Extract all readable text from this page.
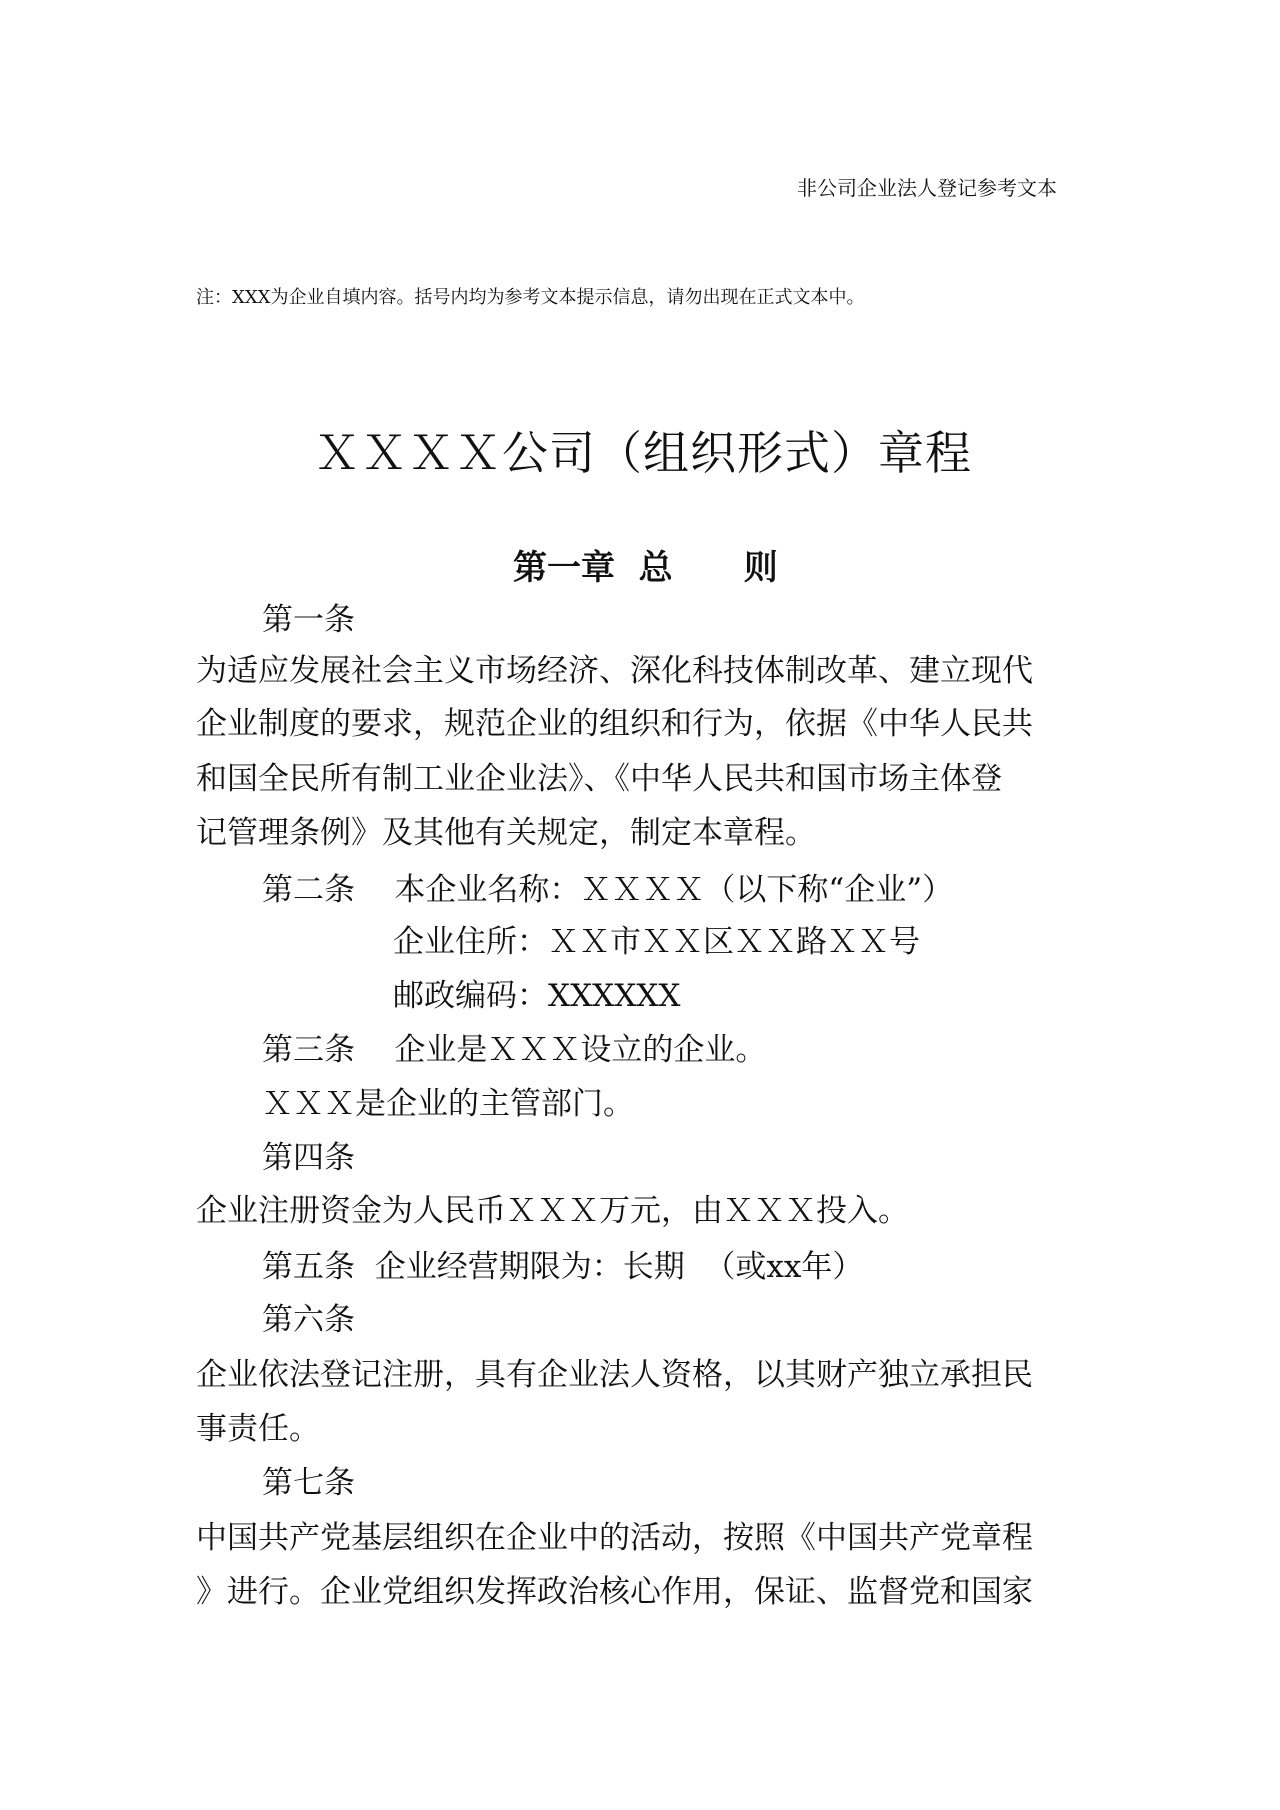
非公司企业法人登记参考文本
注：XXX为企业自填内容。括号内均为参考文本提示信息，请勿出现在正式文本中。
ＸＸＸＸ公司（组织形式）章程
第一章  总      则
第一条
为适应发展社会主义市场经济、深化科技体制改革、建立现代
企业制度的要求，规范企业的组织和行为，依据《中华人民共
和国全民所有制工业企业法》、《中华人民共和国市场主体登
记管理条例》及其他有关规定，制定本章程。
第二条    本企业名称：ＸＸＸＸ（以下称“企业”）
企业住所：ＸＸ市ＸＸ区ＸＸ路ＸＸ号
邮政编码：XXXXXX
第三条    企业是ＸＸＸ设立的企业。
ＸＸＸ是企业的主管部门。
第四条
企业注册资金为人民币ＸＸＸ万元，由ＸＸＸ投入。
第五条  企业经营期限为：长期  （或xx年）
第六条
企业依法登记注册，具有企业法人资格，以其财产独立承担民
事责任。
第七条
中国共产党基层组织在企业中的活动，按照《中国共产党章程
》进行。企业党组织发挥政治核心作用，保证、监督党和国家
